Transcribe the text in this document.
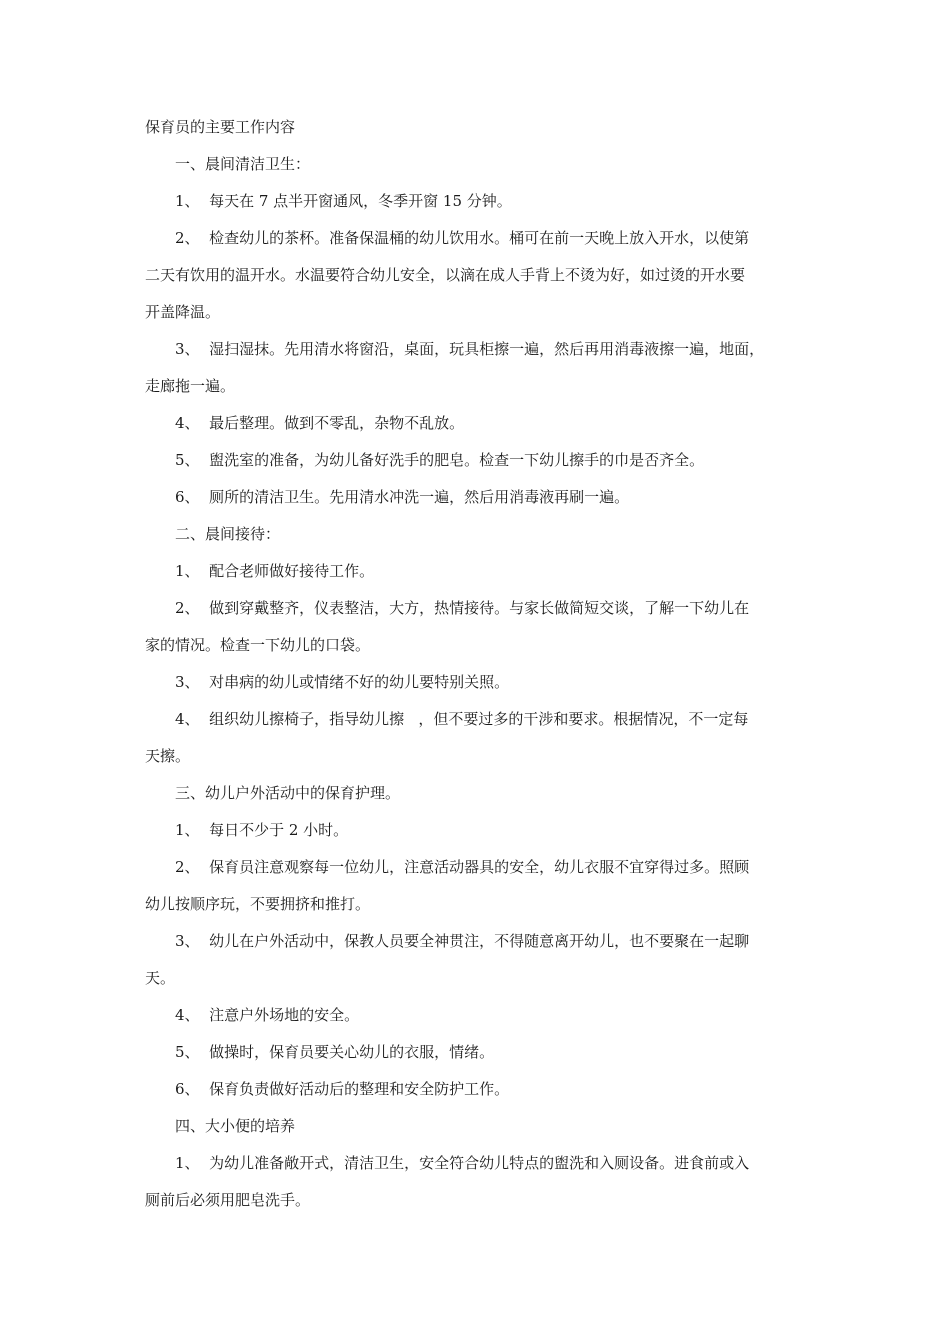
保育员的主要工作内容
一、晨间清洁卫生：
1、  每天在 7 点半开窗通风，冬季开窗 15 分钟。
2、  检查幼儿的茶杯。准备保温桶的幼儿饮用水。桶可在前一天晚上放入开水，以使第
二天有饮用的温开水。水温要符合幼儿安全，以滴在成人手背上不烫为好，如过烫的开水要
开盖降温。
3、  湿扫湿抹。先用清水将窗沿，桌面，玩具柜擦一遍，然后再用消毒液擦一遍，地面，
走廊拖一遍。
4、  最后整理。做到不零乱，杂物不乱放。
5、  盥洗室的准备，为幼儿备好洗手的肥皂。检查一下幼儿擦手的巾是否齐全。
6、  厕所的清洁卫生。先用清水冲洗一遍，然后用消毒液再刷一遍。
二、晨间接待：
1、  配合老师做好接待工作。
2、  做到穿戴整齐，仪表整洁，大方，热情接待。与家长做简短交谈，了解一下幼儿在
家的情况。检查一下幼儿的口袋。
3、  对串病的幼儿或情绪不好的幼儿要特别关照。
4、  组织幼儿擦椅子，指导幼儿擦   ，但不要过多的干涉和要求。根据情况，不一定每
天擦。
三、幼儿户外活动中的保育护理。
1、  每日不少于 2 小时。
2、  保育员注意观察每一位幼儿，注意活动器具的安全，幼儿衣服不宜穿得过多。照顾
幼儿按顺序玩，不要拥挤和推打。
3、  幼儿在户外活动中，保教人员要全神贯注，不得随意离开幼儿，也不要聚在一起聊
天。
4、  注意户外场地的安全。
5、  做操时，保育员要关心幼儿的衣服，情绪。
6、  保育负责做好活动后的整理和安全防护工作。
四、大小便的培养
1、  为幼儿准备敞开式，清洁卫生，安全符合幼儿特点的盥洗和入厕设备。进食前或入
厕前后必须用肥皂洗手。
